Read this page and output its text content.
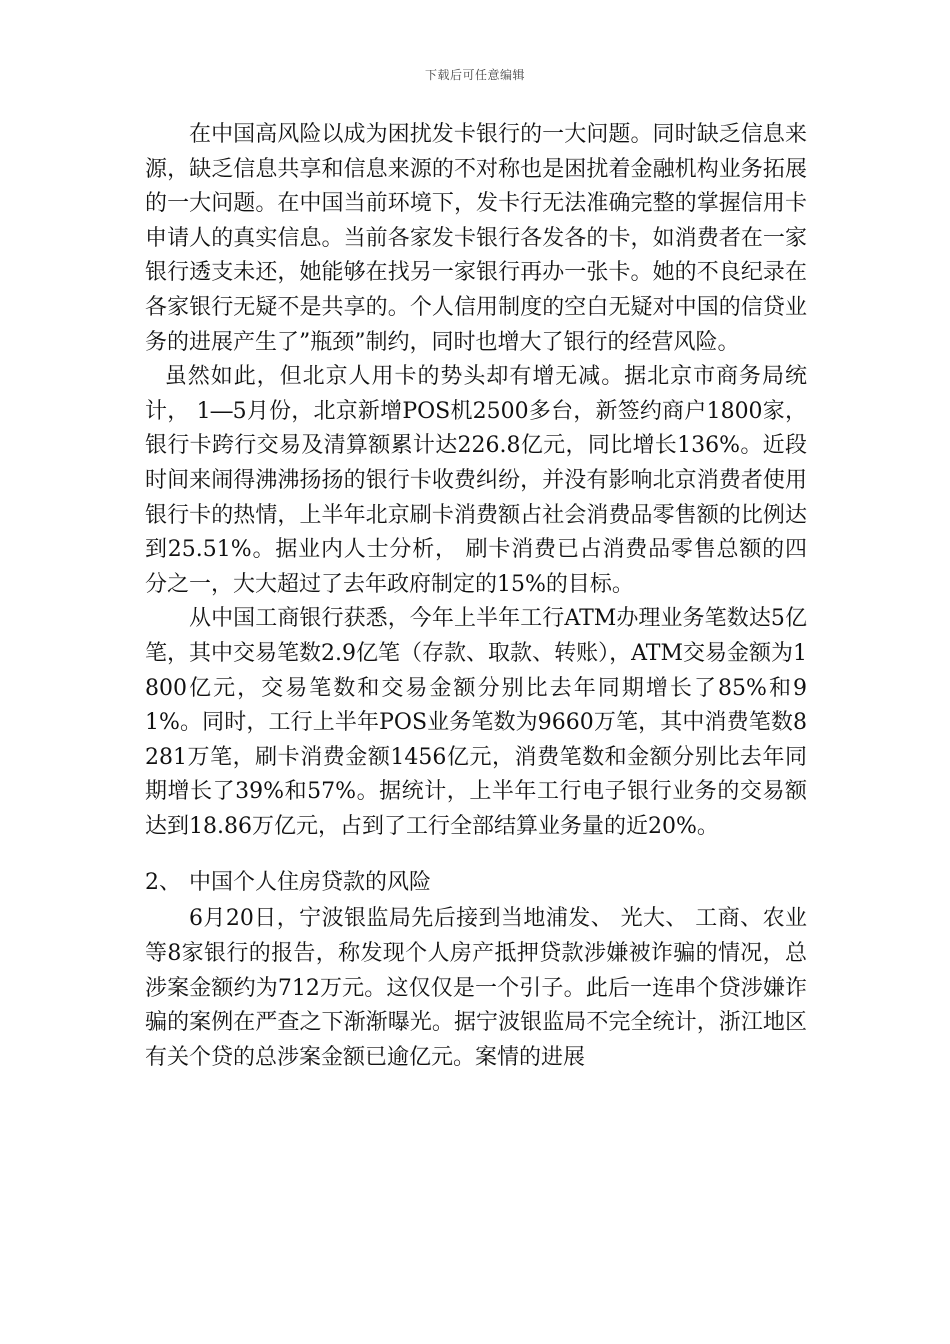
下载后可任意编辑

在中国高风险以成为困扰发卡银行的一大问题。同时缺乏信息来源，缺乏信息共享和信息来源的不对称也是困扰着金融机构业务拓展的一大问题。在中国当前环境下，发卡行无法准确完整的掌握信用卡申请人的真实信息。当前各家发卡银行各发各的卡，如消费者在一家银行透支未还，她能够在找另一家银行再办一张卡。她的不良纪录在各家银行无疑不是共享的。个人信用制度的空白无疑对中国的信贷业务的进展产生了”瓶颈”制约，同时也增大了银行的经营风险。

虽然如此，但北京人用卡的势头却有增无减。据北京市商务局统计， 1―5月份，北京新增POS机2500多台，新签约商户1800家，银行卡跨行交易及清算额累计达226.8亿元，同比增长136%。近段时间来闹得沸沸扬扬的银行卡收费纠纷，并没有影响北京消费者使用银行卡的热情，上半年北京刷卡消费额占社会消费品零售额的比例达到25.51%。据业内人士分析， 刷卡消费已占消费品零售总额的四分之一，大大超过了去年政府制定的15%的目标。

从中国工商银行获悉，今年上半年工行ATM办理业务笔数达5亿笔，其中交易笔数2.9亿笔（存款、取款、转账），ATM交易金额为1800亿元，交易笔数和交易金额分别比去年同期增长了85%和91%。同时，工行上半年POS业务笔数为9660万笔，其中消费笔数8281万笔，刷卡消费金额1456亿元，消费笔数和金额分别比去年同期增长了39%和57%。据统计，上半年工行电子银行业务的交易额达到18.86万亿元，占到了工行全部结算业务量的近20%。

2、 中国个人住房贷款的风险

6月20日，宁波银监局先后接到当地浦发、 光大、 工商、农业等8家银行的报告，称发现个人房产抵押贷款涉嫌被诈骗的情况，总涉案金额约为712万元。这仅仅是一个引子。此后一连串个贷涉嫌诈骗的案例在严查之下渐渐曝光。据宁波银监局不完全统计，浙江地区有关个贷的总涉案金额已逾亿元。案情的进展
